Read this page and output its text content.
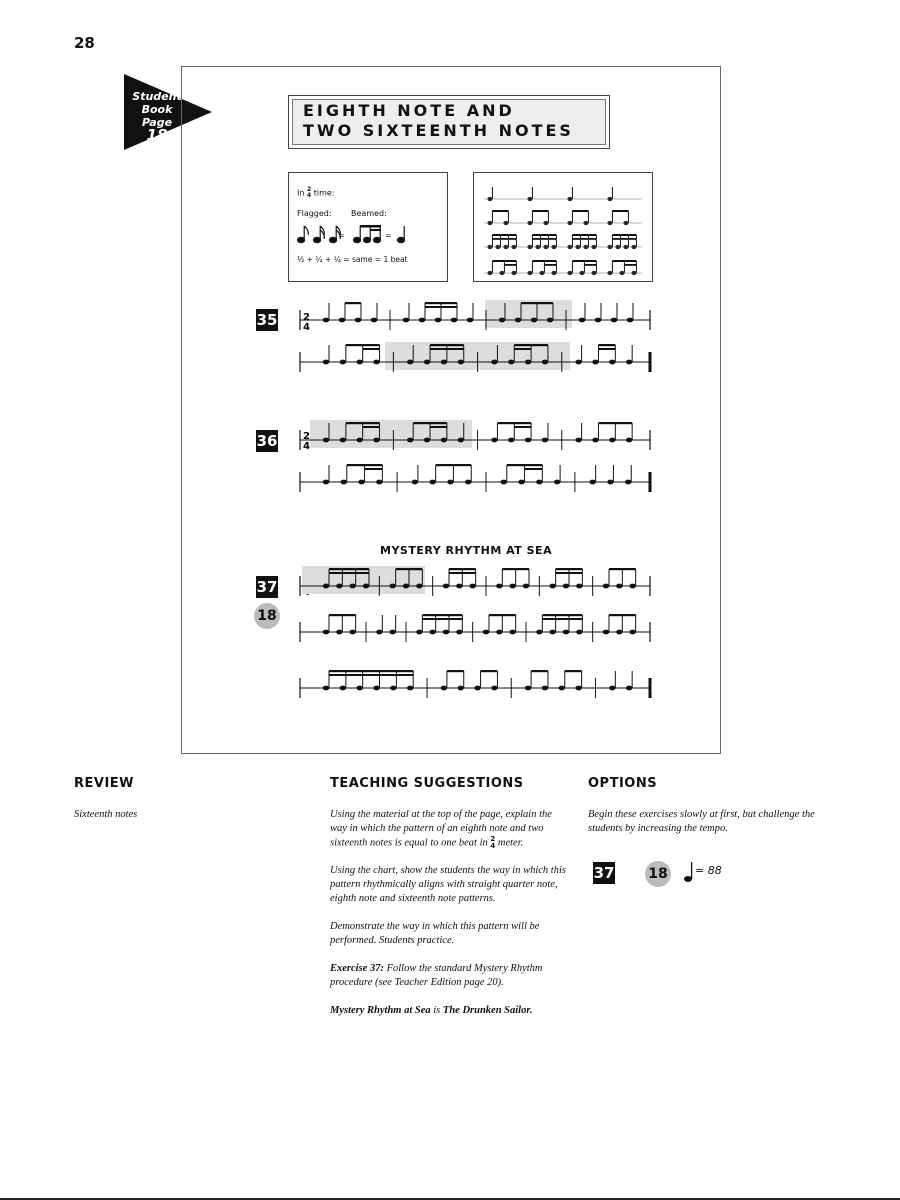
28
Student
Book Page
18
EIGHTH NOTE AND
TWO SIXTEENTH NOTES
In 2
4 time:
Flagged: Beamed:
=	=
½ + ¼ + ¼ = same = 1 beat
35
36
37
18
MYSTERY RHYTHM AT SEA
2
4
2
4
REVIEW
Sixteenth notes
TEACHING SUGGESTIONS

Using the material at the top of the page, explain the way in which the pattern of an eighth note and two sixteenth notes is equal to one beat in 2
4 meter.

Using the chart, show the students the way in which this pattern rhythmically aligns with straight quarter note, eighth note and sixteenth note patterns.

Demonstrate the way in which this pattern will be performed. Students practice.

Exercise 37: Follow the standard Mystery Rhythm procedure (see Teacher Edition page 20).

Mystery Rhythm at Sea is The Drunken Sailor.

OPTIONS
Begin these exercises slowly at first, but challenge the students by increasing the tempo.
37 18 = 88
